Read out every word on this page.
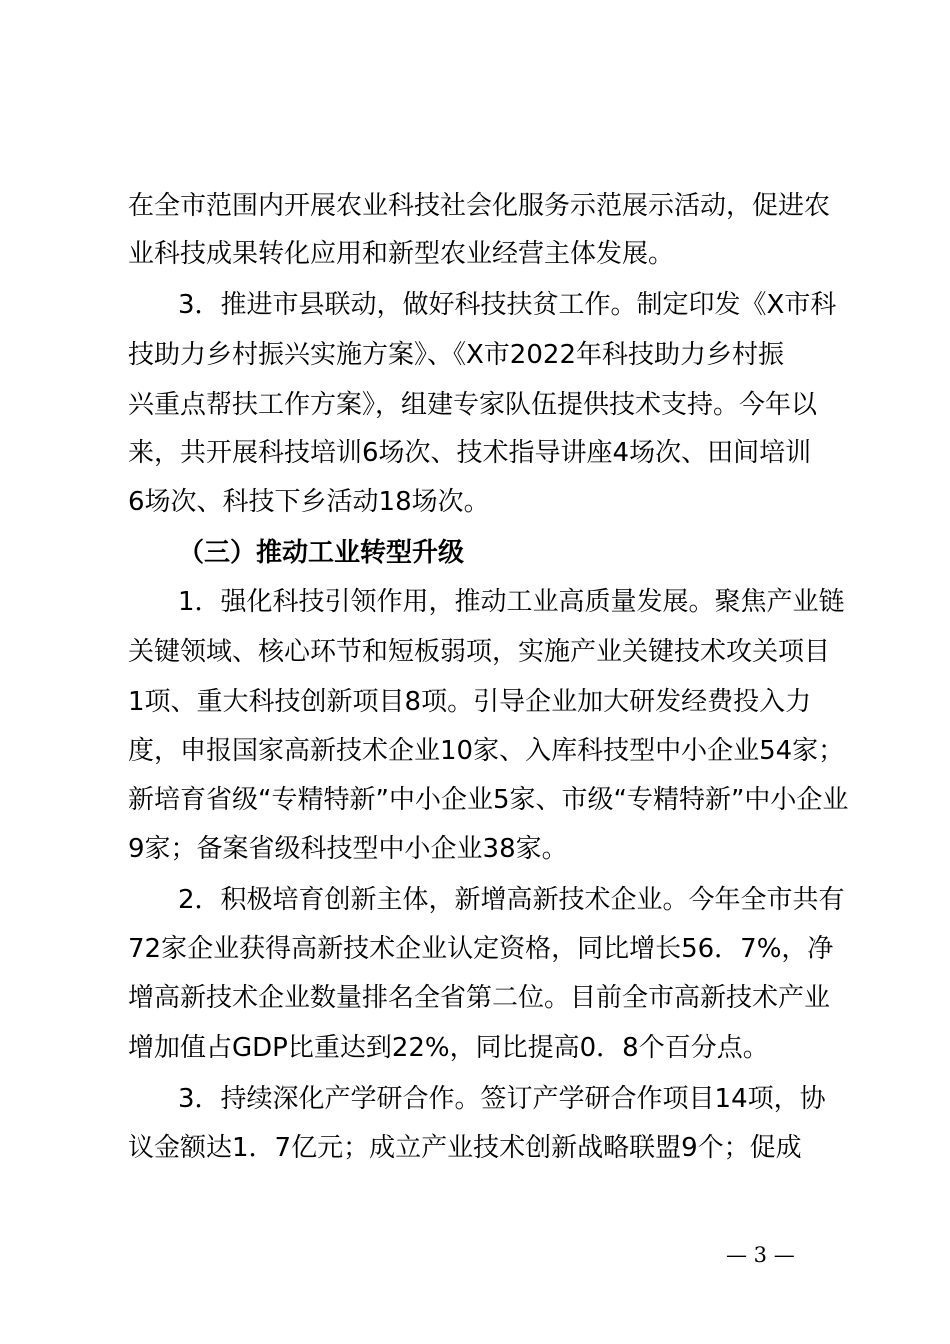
在全市范围内开展农业科技社会化服务示范展示活动，促进农
业科技成果转化应用和新型农业经营主体发展。
3．推进市县联动，做好科技扶贫工作。制定印发《X市科
技助力乡村振兴实施方案》、《X市2022年科技助力乡村振
兴重点帮扶工作方案》，组建专家队伍提供技术支持。今年以
来，共开展科技培训6场次、技术指导讲座4场次、田间培训
6场次、科技下乡活动18场次。
（三）推动工业转型升级
1．强化科技引领作用，推动工业高质量发展。聚焦产业链
关键领域、核心环节和短板弱项，实施产业关键技术攻关项目
1项、重大科技创新项目8项。引导企业加大研发经费投入力
度，申报国家高新技术企业10家、入库科技型中小企业54家；
新培育省级“专精特新”中小企业5家、市级“专精特新”中小企业
9家；备案省级科技型中小企业38家。
2．积极培育创新主体，新增高新技术企业。今年全市共有
72家企业获得高新技术企业认定资格，同比增长56．7%，净
增高新技术企业数量排名全省第二位。目前全市高新技术产业
增加值占GDP比重达到22%，同比提高0．8个百分点。
3．持续深化产学研合作。签订产学研合作项目14项，协
议金额达1．7亿元；成立产业技术创新战略联盟9个；促成
— 3 —
